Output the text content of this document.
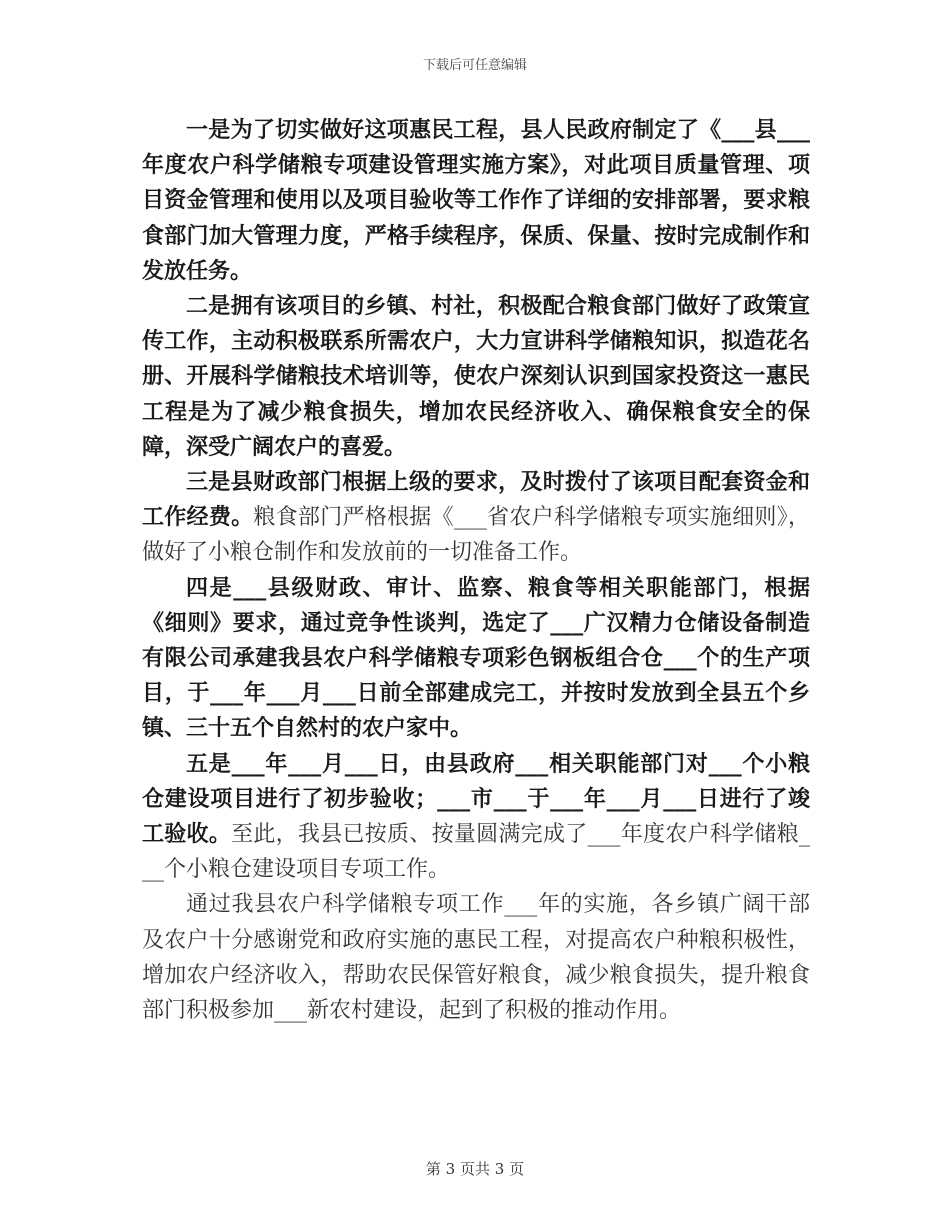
下载后可任意编辑

一是为了切实做好这项惠民工程，县人民政府制定了《___县___年度农户科学储粮专项建设管理实施方案》，对此项目质量管理、项目资金管理和使用以及项目验收等工作作了详细的安排部署，要求粮食部门加大管理力度，严格手续程序，保质、保量、按时完成制作和发放任务。

二是拥有该项目的乡镇、村社，积极配合粮食部门做好了政策宣传工作，主动积极联系所需农户，大力宣讲科学储粮知识，拟造花名册、开展科学储粮技术培训等，使农户深刻认识到国家投资这一惠民工程是为了减少粮食损失，增加农民经济收入、确保粮食安全的保障，深受广阔农户的喜爱。

三是县财政部门根据上级的要求，及时拨付了该项目配套资金和工作经费。粮食部门严格根据《___省农户科学储粮专项实施细则》，做好了小粮仓制作和发放前的一切准备工作。

四是___县级财政、审计、监察、粮食等相关职能部门，根据《细则》要求，通过竞争性谈判，选定了___广汉精力仓储设备制造有限公司承建我县农户科学储粮专项彩色钢板组合仓___个的生产项目，于___年___月___日前全部建成完工，并按时发放到全县五个乡镇、三十五个自然村的农户家中。

五是___年___月___日，由县政府___相关职能部门对___个小粮仓建设项目进行了初步验收；___市___于___年___月___日进行了竣工验收。至此，我县已按质、按量圆满完成了___年度农户科学储粮___个小粮仓建设项目专项工作。

通过我县农户科学储粮专项工作___年的实施，各乡镇广阔干部及农户十分感谢党和政府实施的惠民工程，对提高农户种粮积极性，增加农户经济收入，帮助农民保管好粮食，减少粮食损失，提升粮食部门积极参加___新农村建设，起到了积极的推动作用。

第 3 页共 3 页
